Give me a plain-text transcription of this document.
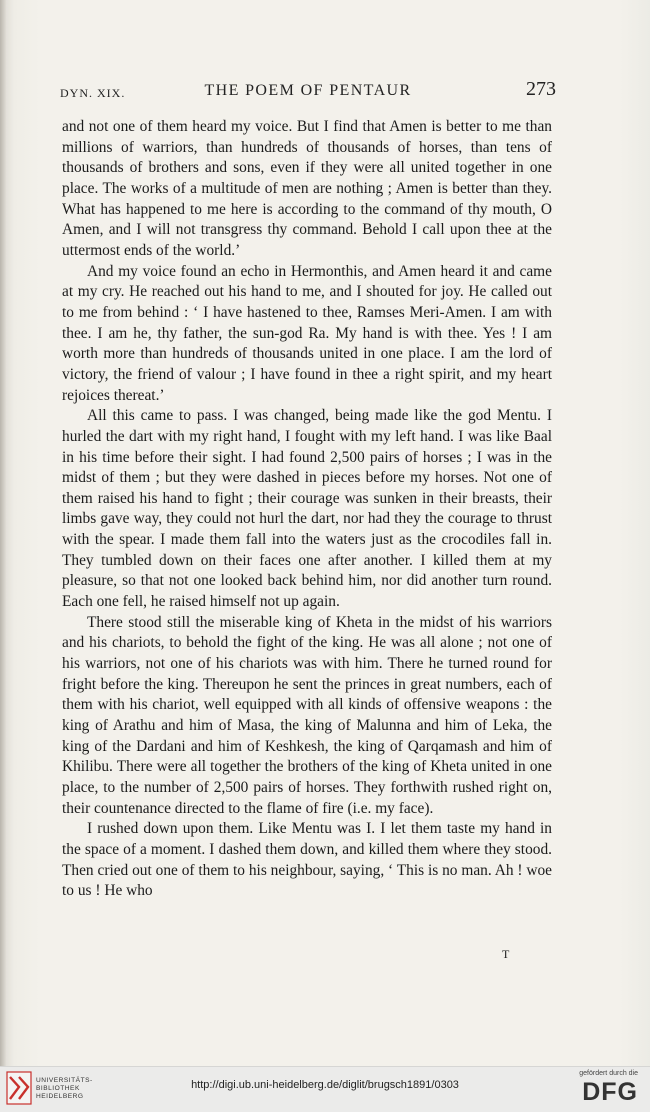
DYN. XIX.	THE POEM OF PENTAUR	273

and not one of them heard my voice. But I find that Amen is better to me than millions of warriors, than hundreds of thousands of horses, than tens of thousands of brothers and sons, even if they were all united together in one place. The works of a multitude of men are nothing ; Amen is better than they. What has happened to me here is according to the command of thy mouth, O Amen, and I will not transgress thy command. Behold I call upon thee at the uttermost ends of the world.’

And my voice found an echo in Hermonthis, and Amen heard it and came at my cry. He reached out his hand to me, and I shouted for joy. He called out to me from behind : ‘ I have hastened to thee, Ramses Meri-Amen. I am with thee. I am he, thy father, the sun-god Ra. My hand is with thee. Yes ! I am worth more than hundreds of thousands united in one place. I am the lord of victory, the friend of valour ; I have found in thee a right spirit, and my heart rejoices thereat.’

All this came to pass. I was changed, being made like the god Mentu. I hurled the dart with my right hand, I fought with my left hand. I was like Baal in his time before their sight. I had found 2,500 pairs of horses ; I was in the midst of them ; but they were dashed in pieces before my horses. Not one of them raised his hand to fight ; their courage was sunken in their breasts, their limbs gave way, they could not hurl the dart, nor had they the courage to thrust with the spear. I made them fall into the waters just as the crocodiles fall in. They tumbled down on their faces one after another. I killed them at my pleasure, so that not one looked back behind him, nor did another turn round. Each one fell, he raised himself not up again.

There stood still the miserable king of Kheta in the midst of his warriors and his chariots, to behold the fight of the king. He was all alone ; not one of his warriors, not one of his chariots was with him. There he turned round for fright before the king. Thereupon he sent the princes in great numbers, each of them with his chariot, well equipped with all kinds of offensive weapons : the king of Arathu and him of Masa, the king of Malunna and him of Leka, the king of the Dardani and him of Keshkesh, the king of Qarqamash and him of Khilibu. There were all together the brothers of the king of Kheta united in one place, to the number of 2,500 pairs of horses. They forthwith rushed right on, their countenance directed to the flame of fire (i.e. my face).

I rushed down upon them. Like Mentu was I. I let them taste my hand in the space of a moment. I dashed them down, and killed them where they stood. Then cried out one of them to his neighbour, saying, ‘ This is no man. Ah ! woe to us ! He who

T
UNIVERSITÄTS-
BIBLIOTHEK
HEIDELBERG
http://digi.ub.uni-heidelberg.de/diglit/brugsch1891/0303
gefördert durch die
DFG
